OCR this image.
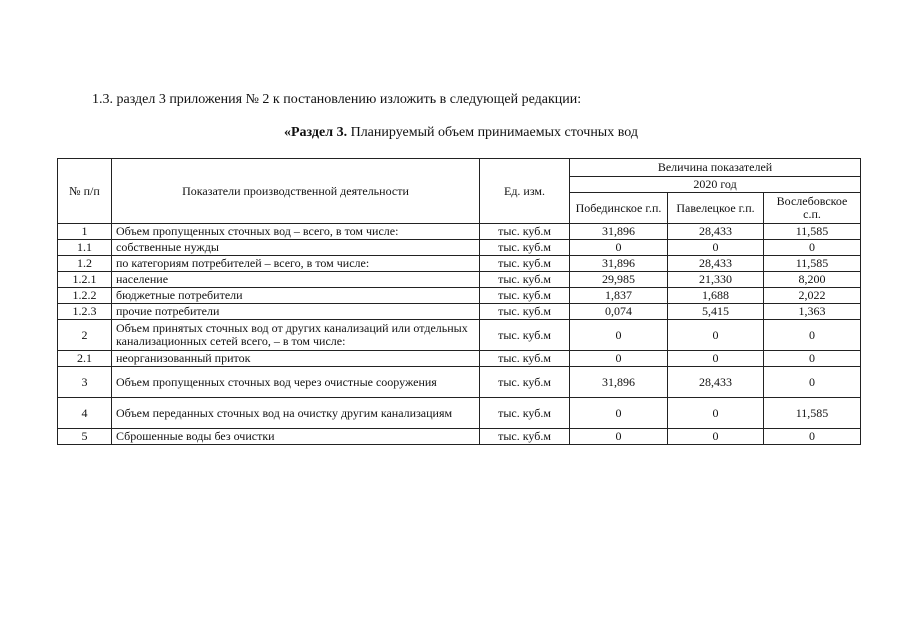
1.3. раздел 3 приложения № 2 к постановлению изложить в следующей редакции:
«Раздел 3. Планируемый объем принимаемых сточных вод
№ п/п	Показатели производственной деятельности	Ед. изм.	Величина показателей		
			2020 год		
			Побединское г.п.	Павелецкое г.п.	Вослебовское с.п.
1	Объем пропущенных сточных вод – всего, в том числе:	тыс. куб.м	31,896	28,433	11,585
1.1	собственные нужды	тыс. куб.м	0	0	0
1.2	по категориям потребителей – всего, в том числе:	тыс. куб.м	31,896	28,433	11,585
1.2.1	население	тыс. куб.м	29,985	21,330	8,200
1.2.2	бюджетные потребители	тыс. куб.м	1,837	1,688	2,022
1.2.3	прочие потребители	тыс. куб.м	0,074	5,415	1,363
2	Объем принятых сточных вод от других канализаций или отдельных канализационных сетей всего, – в том числе:	тыс. куб.м	0	0	0
2.1	неорганизованный приток	тыс. куб.м	0	0	0
3	Объем пропущенных сточных вод через очистные сооружения	тыс. куб.м	31,896	28,433	0
4	Объем переданных сточных вод на очистку другим канализациям	тыс. куб.м	0	0	11,585
5	Сброшенные воды без очистки	тыс. куб.м	0	0	0
